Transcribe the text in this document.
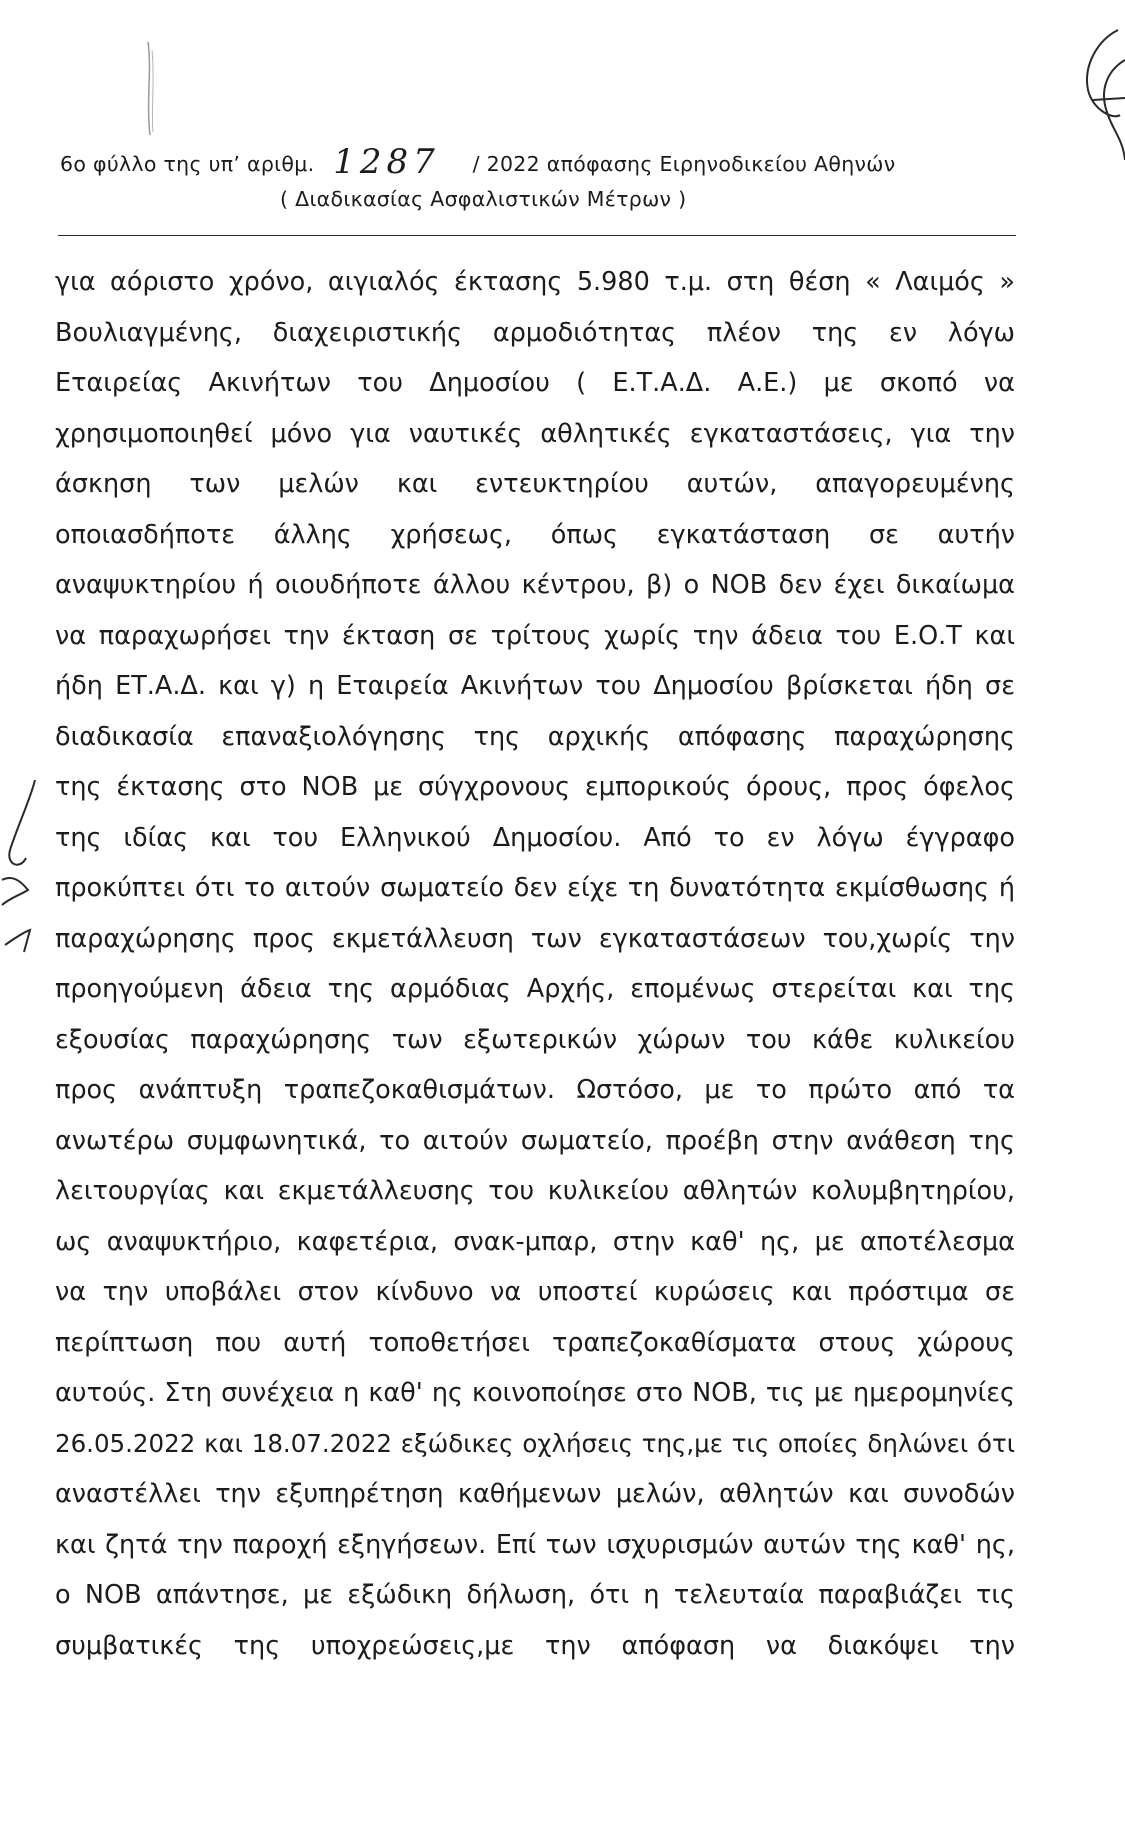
6ο φύλλο της υπ’ αριθμ. 1287 / 2022 απόφασης Ειρηνοδικείου Αθηνών
( Διαδικασίας Ασφαλιστικών Μέτρων )
για αόριστο χρόνο, αιγιαλός έκτασης 5.980 τ.μ. στη θέση « Λαιμός »
Βουλιαγμένης, διαχειριστικής αρμοδιότητας πλέον της εν λόγω
Εταιρείας Ακινήτων του Δημοσίου ( Ε.Τ.Α.Δ. Α.Ε.) με σκοπό να
χρησιμοποιηθεί μόνο για ναυτικές αθλητικές εγκαταστάσεις, για την
άσκηση των μελών και εντευκτηρίου αυτών, απαγορευμένης
οποιασδήποτε άλλης χρήσεως, όπως εγκατάσταση σε αυτήν
αναψυκτηρίου ή οιουδήποτε άλλου κέντρου, β) ο ΝΟΒ δεν έχει δικαίωμα
να παραχωρήσει την έκταση σε τρίτους χωρίς την άδεια του Ε.Ο.Τ και
ήδη ΕΤ.Α.Δ. και γ) η Εταιρεία Ακινήτων του Δημοσίου βρίσκεται ήδη σε
διαδικασία επαναξιολόγησης της αρχικής απόφασης παραχώρησης
της έκτασης στο ΝΟΒ με σύγχρονους εμπορικούς όρους, προς όφελος
της ιδίας και του Ελληνικού Δημοσίου. Από το εν λόγω έγγραφο
προκύπτει ότι το αιτούν σωματείο δεν είχε τη δυνατότητα εκμίσθωσης ή
παραχώρησης προς εκμετάλλευση των εγκαταστάσεων του,χωρίς την
προηγούμενη άδεια της αρμόδιας Αρχής, επομένως στερείται και της
εξουσίας παραχώρησης των εξωτερικών χώρων του κάθε κυλικείου
προς ανάπτυξη τραπεζοκαθισμάτων. Ωστόσο, με το πρώτο από τα
ανωτέρω συμφωνητικά, το αιτούν σωματείο, προέβη στην ανάθεση της
λειτουργίας και εκμετάλλευσης του κυλικείου αθλητών κολυμβητηρίου,
ως αναψυκτήριο, καφετέρια, σνακ-μπαρ, στην καθ' ης, με αποτέλεσμα
να την υποβάλει στον κίνδυνο να υποστεί κυρώσεις και πρόστιμα σε
περίπτωση που αυτή τοποθετήσει τραπεζοκαθίσματα στους χώρους
αυτούς. Στη συνέχεια η καθ' ης κοινοποίησε στο ΝΟΒ, τις με ημερομηνίες
26.05.2022 και 18.07.2022 εξώδικες οχλήσεις της,με τις οποίες δηλώνει ότι
αναστέλλει την εξυπηρέτηση καθήμενων μελών, αθλητών και συνοδών
και ζητά την παροχή εξηγήσεων. Επί των ισχυρισμών αυτών της καθ' ης,
ο ΝΟΒ απάντησε, με εξώδικη δήλωση, ότι η τελευταία παραβιάζει τις
συμβατικές της υποχρεώσεις,με την απόφαση να διακόψει την
